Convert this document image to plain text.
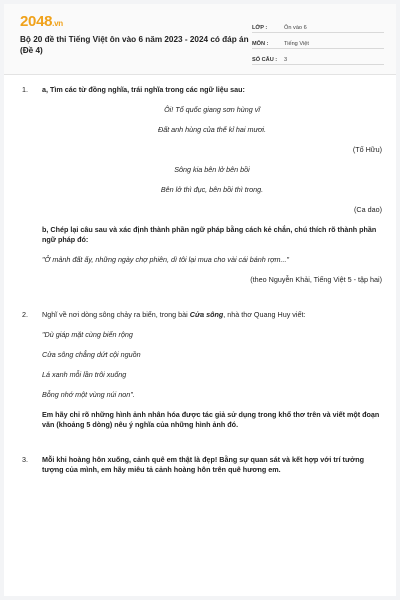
2048.vn
Bộ 20 đề thi Tiếng Việt ôn vào 6 năm 2023 - 2024 có đáp án (Đề 4)
LỚP :	Ôn vào 6
MÔN :	Tiếng Việt
SỐ CÂU :	3
1. a, Tìm các từ đồng nghĩa, trái nghĩa trong các ngữ liệu sau:
Ôi! Tổ quốc giang sơn hùng vĩ
Đất anh hùng của thế kỉ hai mươi.
(Tố Hữu)
Sông kia bên lở bên bồi
Bên lở thì đục, bên bồi thì trong.
(Ca dao)
b, Chép lại câu sau và xác định thành phần ngữ pháp bằng cách kẻ chắn, chú thích rõ thành phần ngữ pháp đó:
"Ở mảnh đất ấy, những ngày chợ phiên, dì tôi lại mua cho vài cái bánh rợm..."
(theo Nguyễn Khải, Tiếng Việt 5 - tập hai)
2. Nghĩ về nơi dòng sông chảy ra biển, trong bài Cửa sông, nhà thơ Quang Huy viết:
"Dù giáp mặt cùng biển rộng
Cửa sông chẳng dứt cội nguồn
Lá xanh mỗi lần trôi xuống
Bỗng nhớ một vùng núi non".
Em hãy chỉ rõ những hình ảnh nhân hóa được tác giả sử dụng trong khổ thơ trên và viết một đoạn văn (khoảng 5 dòng) nêu ý nghĩa của những hình ảnh đó.
3. Mỗi khi hoàng hôn xuống, cảnh quê em thật là đẹp! Bằng sự quan sát và kết hợp với trí tưởng tượng của mình, em hãy miêu tả cảnh hoàng hôn trên quê hương em.
